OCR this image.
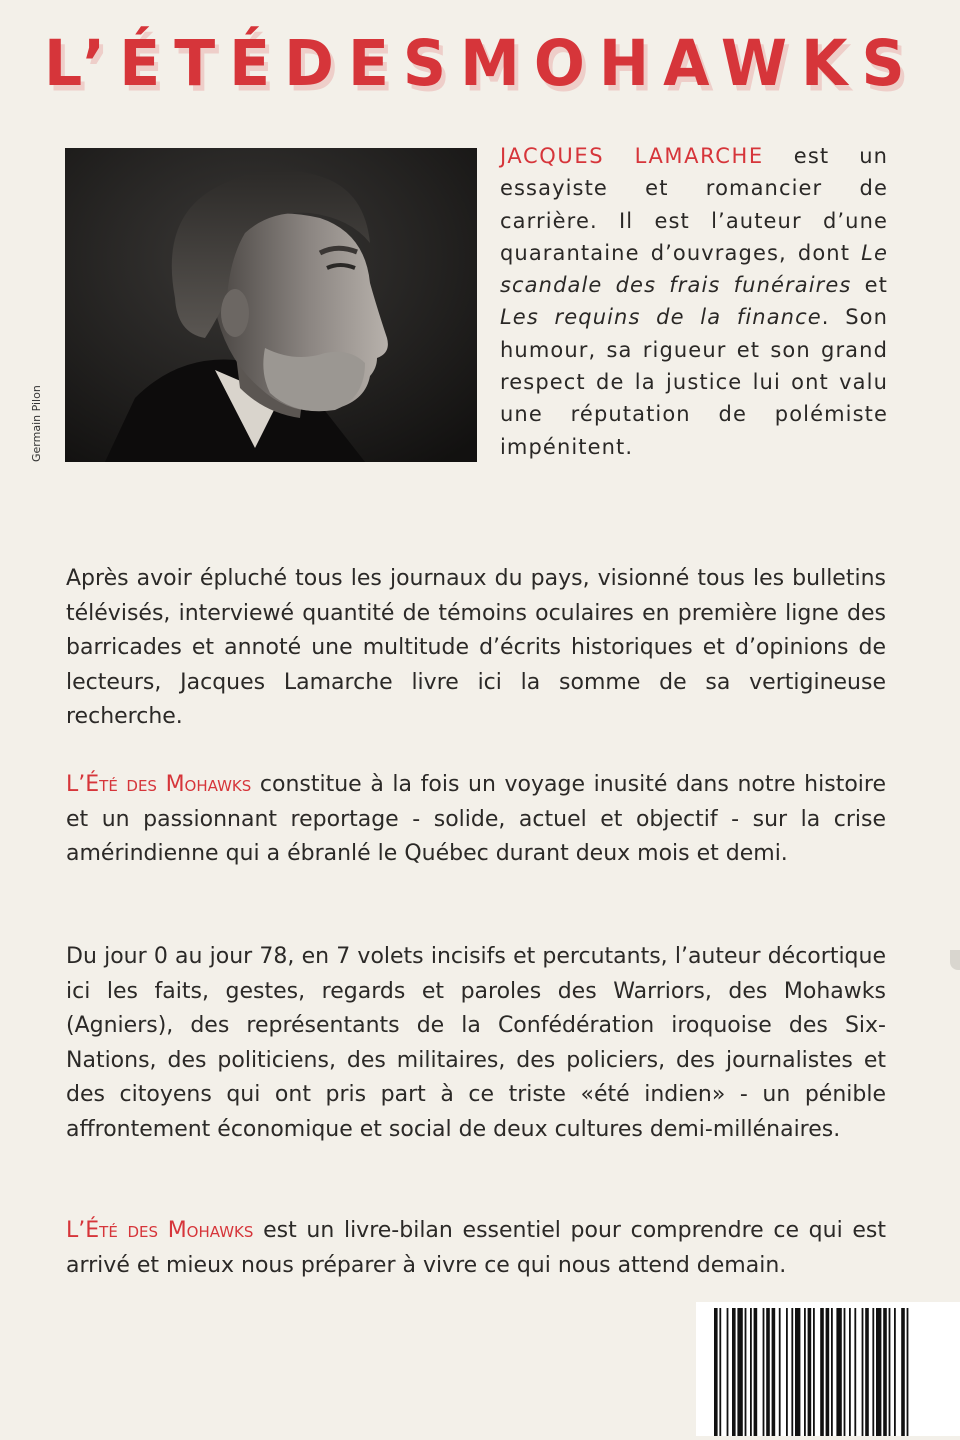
L’ÉTÉ DES MOHAWKS
Germain Pilon

JACQUES LAMARCHE est un essayiste et romancier de carrière. Il est l’auteur d’une quarantaine d’ouvrages, dont Le scandale des frais funéraires et Les requins de la finance. Son humour, sa rigueur et son grand respect de la justice lui ont valu une réputation de polémiste impénitent.

Après avoir épluché tous les journaux du pays, visionné tous les bulletins télévisés, interviewé quantité de témoins oculaires en première ligne des barricades et annoté une multitude d’écrits historiques et d’opinions de lecteurs, Jacques Lamarche livre ici la somme de sa vertigineuse recherche.

L’Été des Mohawks constitue à la fois un voyage inusité dans notre histoire et un passionnant reportage - solide, actuel et objectif - sur la crise amérindienne qui a ébranlé le Québec durant deux mois et demi.

Du jour 0 au jour 78, en 7 volets incisifs et percutants, l’auteur décortique ici les faits, gestes, regards et paroles des Warriors, des Mohawks (Agniers), des représentants de la Confédération iroquoise des Six-Nations, des politiciens, des militaires, des policiers, des journalistes et des citoyens qui ont pris part à ce triste «été indien» - un pénible affrontement économique et social de deux cultures demi-millénaires.

L’Été des Mohawks est un livre-bilan essentiel pour comprendre ce qui est arrivé et mieux nous préparer à vivre ce qui nous attend demain.
